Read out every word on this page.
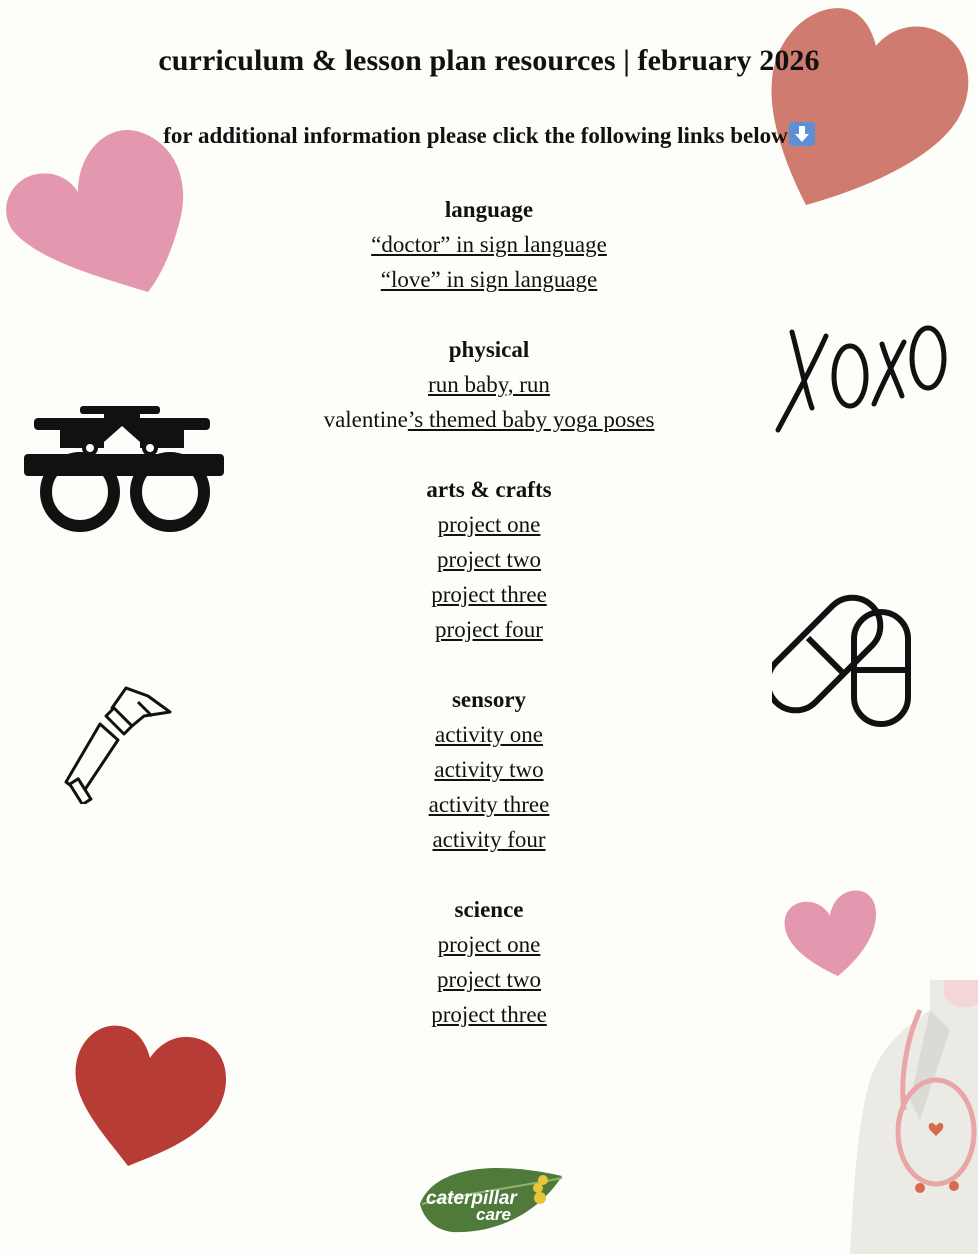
curriculum & lesson plan resources | february 2026
for additional information please click the following links below
language
“doctor” in sign language
“love” in sign language
physical
run baby, run
valentine’s themed baby yoga poses
arts & crafts
project one
project two
project three
project four
sensory
activity one
activity two
activity three
activity four
science
project one
project two
project three
caterpillar
care
